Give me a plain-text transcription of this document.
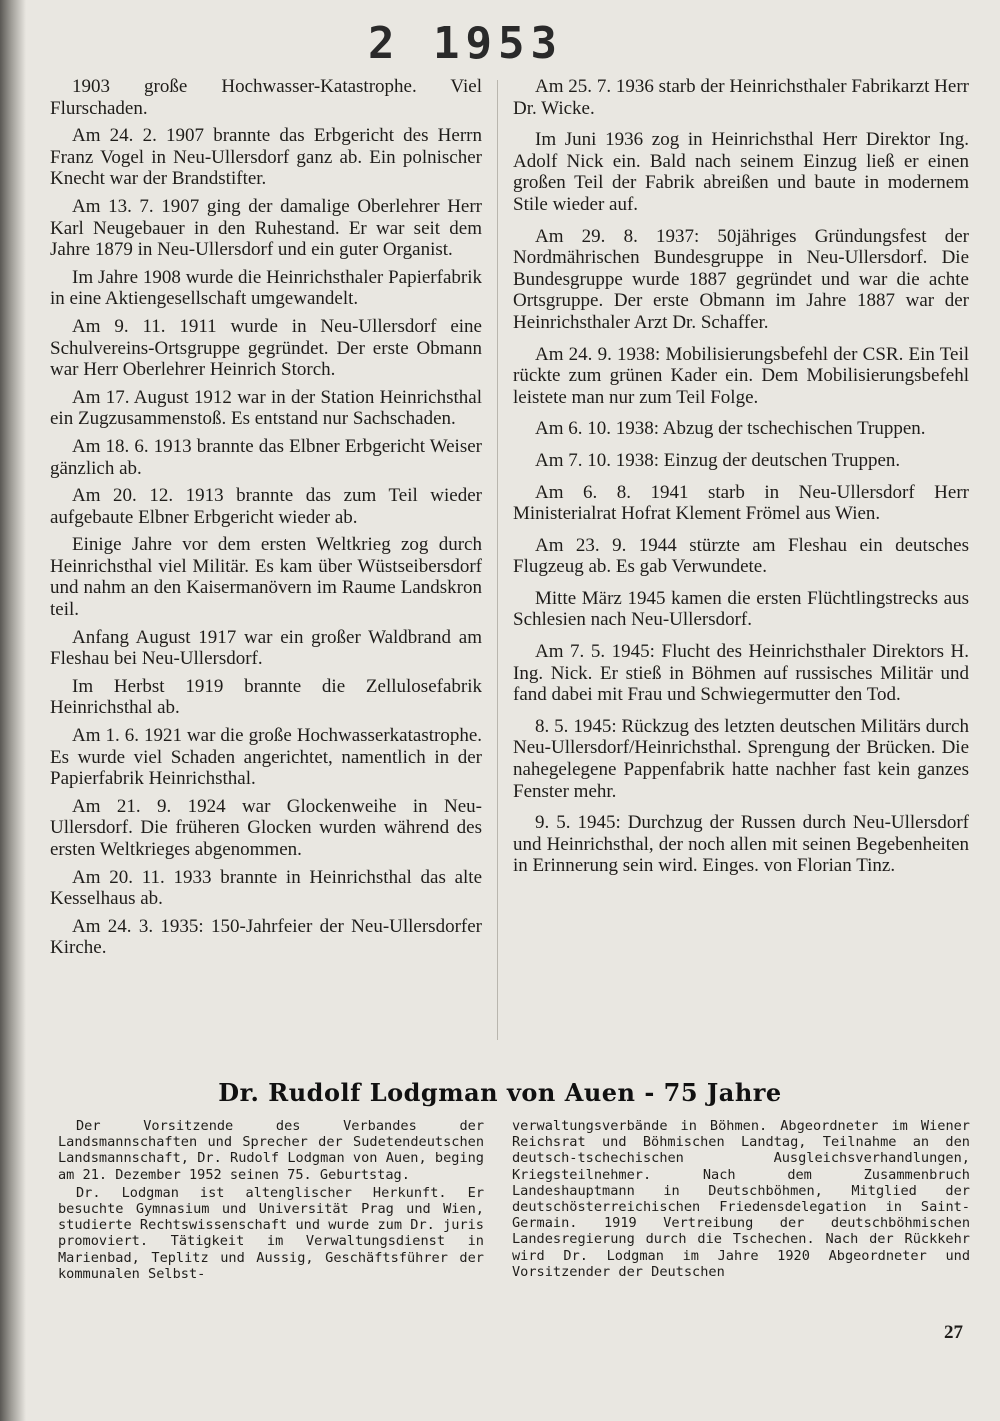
2 1953

1903 große Hochwasser-Katastrophe. Viel Flurschaden.

Am 24. 2. 1907 brannte das Erbgericht des Herrn Franz Vogel in Neu-Ullersdorf ganz ab. Ein polnischer Knecht war der Brandstifter.

Am 13. 7. 1907 ging der damalige Oberlehrer Herr Karl Neugebauer in den Ruhestand. Er war seit dem Jahre 1879 in Neu-Ullersdorf und ein guter Organist.

Im Jahre 1908 wurde die Heinrichsthaler Papierfabrik in eine Aktiengesellschaft umgewandelt.

Am 9. 11. 1911 wurde in Neu-Ullersdorf eine Schulvereins-Ortsgruppe gegründet. Der erste Obmann war Herr Oberlehrer Heinrich Storch.

Am 17. August 1912 war in der Station Heinrichsthal ein Zugzusammenstoß. Es entstand nur Sachschaden.

Am 18. 6. 1913 brannte das Elbner Erbgericht Weiser gänzlich ab.

Am 20. 12. 1913 brannte das zum Teil wieder aufgebaute Elbner Erbgericht wieder ab.

Einige Jahre vor dem ersten Weltkrieg zog durch Heinrichsthal viel Militär. Es kam über Wüstseibersdorf und nahm an den Kaisermanövern im Raume Landskron teil.

Anfang August 1917 war ein großer Waldbrand am Fleshau bei Neu-Ullersdorf.

Im Herbst 1919 brannte die Zellulosefabrik Heinrichsthal ab.

Am 1. 6. 1921 war die große Hochwasserkatastrophe. Es wurde viel Schaden angerichtet, namentlich in der Papierfabrik Heinrichsthal.

Am 21. 9. 1924 war Glockenweihe in Neu-Ullersdorf. Die früheren Glocken wurden während des ersten Weltkrieges abgenommen.

Am 20. 11. 1933 brannte in Heinrichsthal das alte Kesselhaus ab.

Am 24. 3. 1935: 150-Jahrfeier der Neu-Ullersdorfer Kirche.

Am 25. 7. 1936 starb der Heinrichsthaler Fabrikarzt Herr Dr. Wicke.

Im Juni 1936 zog in Heinrichsthal Herr Direktor Ing. Adolf Nick ein. Bald nach seinem Einzug ließ er einen großen Teil der Fabrik abreißen und baute in modernem Stile wieder auf.

Am 29. 8. 1937: 50jähriges Gründungsfest der Nordmährischen Bundesgruppe in Neu-Ullersdorf. Die Bundesgruppe wurde 1887 gegründet und war die achte Ortsgruppe. Der erste Obmann im Jahre 1887 war der Heinrichsthaler Arzt Dr. Schaffer.

Am 24. 9. 1938: Mobilisierungsbefehl der CSR. Ein Teil rückte zum grünen Kader ein. Dem Mobilisierungsbefehl leistete man nur zum Teil Folge.

Am 6. 10. 1938: Abzug der tschechischen Truppen.

Am 7. 10. 1938: Einzug der deutschen Truppen.

Am 6. 8. 1941 starb in Neu-Ullersdorf Herr Ministerialrat Hofrat Klement Frömel aus Wien.

Am 23. 9. 1944 stürzte am Fleshau ein deutsches Flugzeug ab. Es gab Verwundete.

Mitte März 1945 kamen die ersten Flüchtlingstrecks aus Schlesien nach Neu-Ullersdorf.

Am 7. 5. 1945: Flucht des Heinrichsthaler Direktors H. Ing. Nick. Er stieß in Böhmen auf russisches Militär und fand dabei mit Frau und Schwiegermutter den Tod.

8. 5. 1945: Rückzug des letzten deutschen Militärs durch Neu-Ullersdorf/Heinrichsthal. Sprengung der Brücken. Die nahegelegene Pappenfabrik hatte nachher fast kein ganzes Fenster mehr.

9. 5. 1945: Durchzug der Russen durch Neu-Ullersdorf und Heinrichsthal, der noch allen mit seinen Begebenheiten in Erinnerung sein wird. Einges. von Florian Tinz.

Dr. Rudolf Lodgman von Auen - 75 Jahre

Der Vorsitzende des Verbandes der Landsmannschaften und Sprecher der Sudetendeutschen Landsmannschaft, Dr. Rudolf Lodgman von Auen, beging am 21. Dezember 1952 seinen 75. Geburtstag.

Dr. Lodgman ist altenglischer Herkunft. Er besuchte Gymnasium und Universität Prag und Wien, studierte Rechtswissenschaft und wurde zum Dr. juris promoviert. Tätigkeit im Verwaltungsdienst in Marienbad, Teplitz und Aussig, Geschäftsführer der kommunalen Selbst-

verwaltungsverbände in Böhmen. Abgeordneter im Wiener Reichsrat und Böhmischen Landtag, Teilnahme an den deutsch-tschechischen Ausgleichsverhandlungen, Kriegsteilnehmer. Nach dem Zusammenbruch Landeshauptmann in Deutschböhmen, Mitglied der deutschösterreichischen Friedensdelegation in Saint-Germain. 1919 Vertreibung der deutschböhmischen Landesregierung durch die Tschechen. Nach der Rückkehr wird Dr. Lodgman im Jahre 1920 Abgeordneter und Vorsitzender der Deutschen

27
